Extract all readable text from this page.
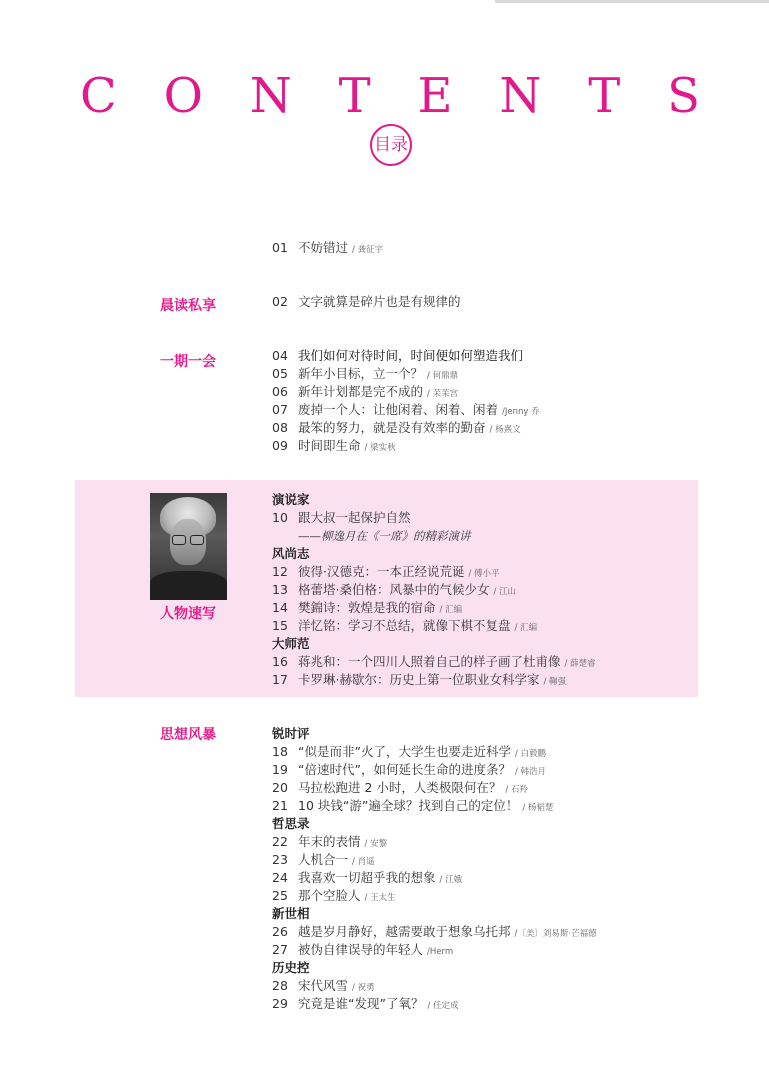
C O N T E N T S
目录
01 不妨错过 / 龚征宇
晨读私享	02 文字就算是碎片也是有规律的
一期一会	04 我们如何对待时间，时间便如何塑造我们
05 新年小目标，立一个？ / 何鼎鼎
06 新年计划都是完不成的 / 苿苿宫
07 废掉一个人：让他闲着、闲着、闲着 /Jenny 乔
08 最笨的努力，就是没有效率的勤奋 / 杨熹文
09 时间即生命 / 梁实秋
人物速写
演说家
10 跟大叔一起保护自然
——柳逸月在《一席》的精彩演讲
风尚志
12 彼得·汉德克：一本正经说荒诞 / 傅小平
13 格蕾塔·桑伯格：风暴中的气候少女 / 江山
14 樊錦诗：敦煌是我的宿命 / 汇编
15 洋忆铭：学习不总结，就像下棋不复盘 / 汇编
大师范
16 蒋兆和：一个四川人照着自己的样子画了杜甫像 / 薛楚睿
17 卡罗琳·赫歇尔：历史上第一位职业女科学家 / 鞠强
思想风暴	锐时评
18 “似是而非”火了，大学生也要走近科学 / 白毅鹏
19 “倍速时代”，如何延长生命的进度条？ / 韩浩月
20 马拉松跑进 2 小时，人类极限何在？ / 石羚
21 10 块钱“游”遍全球？找到自己的定位！ / 杨韬楚
哲思录
22 年末的表情 / 安黎
23 人机合一 / 肖遥
24 我喜欢一切超乎我的想象 / 江娥
25 那个空脸人 / 王太生
新世相
26 越是岁月静好，越需要敢于想象乌托邦 /〔美〕刘易斯·芒福德
27 被伪自律误导的年轻人 /Herm
历史控
28 宋代风雪 / 祝勇
29 究竟是谁“发现”了氧？ / 任定成
